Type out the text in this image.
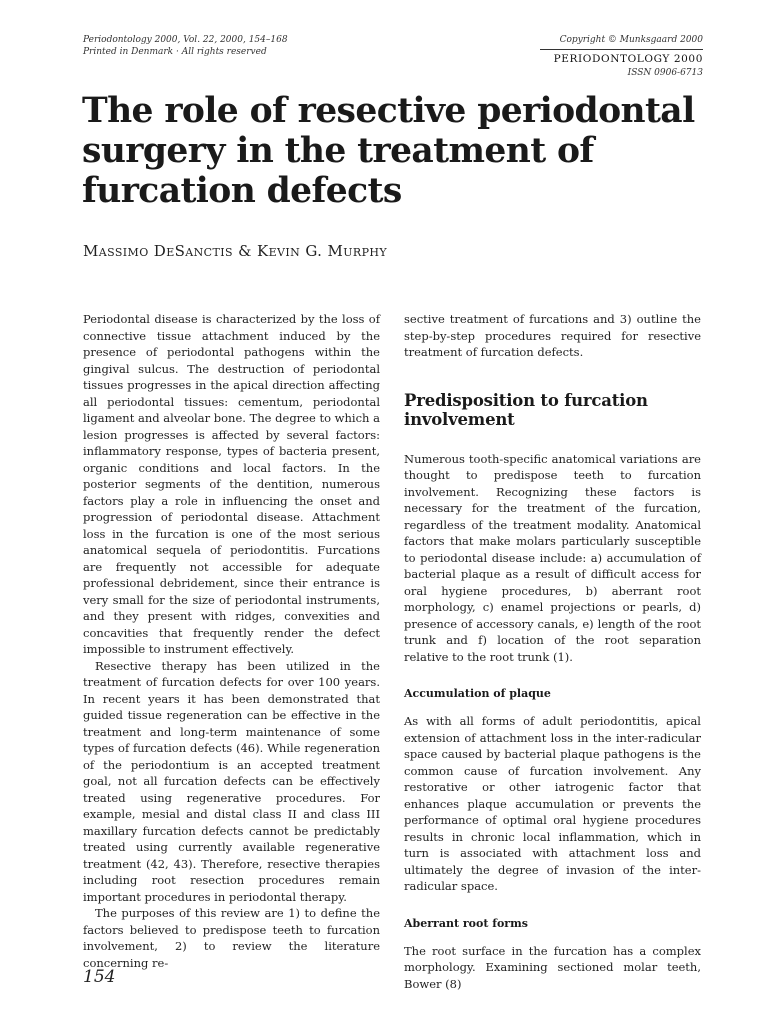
Periodontology 2000, Vol. 22, 2000, 154–168
Printed in Denmark · All rights reserved
Copyright © Munksgaard 2000
PERIODONTOLOGY 2000
ISSN 0906-6713
The role of resective periodontal surgery in the treatment of furcation defects
Massimo DeSanctis & Kevin G. Murphy

Periodontal disease is characterized by the loss of connective tissue attachment induced by the presence of periodontal pathogens within the gingival sulcus. The destruction of periodontal tissues progresses in the apical direction affecting all periodontal tissues: cementum, periodontal ligament and alveolar bone. The degree to which a lesion progresses is affected by several factors: inflammatory response, types of bacteria present, organic conditions and local factors. In the posterior segments of the dentition, numerous factors play a role in influencing the onset and progression of periodontal disease. Attachment loss in the furcation is one of the most serious anatomical sequela of periodontitis. Furcations are frequently not accessible for adequate professional debridement, since their entrance is very small for the size of periodontal instruments, and they present with ridges, convexities and concavities that frequently render the defect impossible to instrument effectively.

Resective therapy has been utilized in the treatment of furcation defects for over 100 years. In recent years it has been demonstrated that guided tissue regeneration can be effective in the treatment and long-term maintenance of some types of furcation defects (46). While regeneration of the periodontium is an accepted treatment goal, not all furcation defects can be effectively treated using regenerative procedures. For example, mesial and distal class II and class III maxillary furcation defects cannot be predictably treated using currently available regenerative treatment (42, 43). Therefore, resective therapies including root resection procedures remain important procedures in periodontal therapy.

The purposes of this review are 1) to define the factors believed to predispose teeth to furcation involvement, 2) to review the literature concerning re-

sective treatment of furcations and 3) outline the step-by-step procedures required for resective treatment of furcation defects.

Predisposition to furcation involvement

Numerous tooth-specific anatomical variations are thought to predispose teeth to furcation involvement. Recognizing these factors is necessary for the treatment of the furcation, regardless of the treatment modality. Anatomical factors that make molars particularly susceptible to periodontal disease include: a) accumulation of bacterial plaque as a result of difficult access for oral hygiene procedures, b) aberrant root morphology, c) enamel projections or pearls, d) presence of accessory canals, e) length of the root trunk and f) location of the root separation relative to the root trunk (1).

Accumulation of plaque

As with all forms of adult periodontitis, apical extension of attachment loss in the inter-radicular space caused by bacterial plaque pathogens is the common cause of furcation involvement. Any restorative or other iatrogenic factor that enhances plaque accumulation or prevents the performance of optimal oral hygiene procedures results in chronic local inflammation, which in turn is associated with attachment loss and ultimately the degree of invasion of the inter-radicular space.

Aberrant root forms

The root surface in the furcation has a complex morphology. Examining sectioned molar teeth, Bower (8)

154
